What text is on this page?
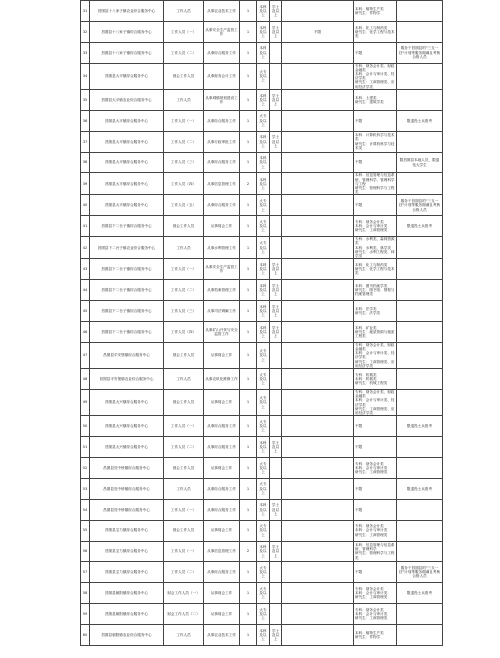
31	昌图县十八家子镇农业综合服务中心	工作人员	从事农业技术工作	1	本科及以上	学士及以上		本科：植物生产类
研究生：作物学	
32	昌图县十八家子镇综合服务中心	工作人员（一）	从事安全生产监管工作	1	本科及以上	学士及以上	不限	本科：化工与制药类
研究生：化学工程与技术类	
33	昌图县十八家子镇综合服务中心	工作人员（二）	从事综合服务工作	1	本科及以上			不限	服务于昌图县的"三支一扶"计划等服务期满且考核合格人员
34	昌图县大平镇综合服务中心	财会工作人员	从事财务会计工作	1	大专及以上			专科：财务会计类、财政金融类
本科：会计与审计类、经济学类
研究生：工商管理类、应用经济学类	
35	昌图县大平镇农业综合服务中心	工作人员	从事城镇规划建设工作	1	本科及以上	学士及以上		本科：土建类
研究生：建筑学类	
36	昌图县大平镇综合服务中心	工作人员（一）	从事综合服务工作	1	大专及以上			不限	限退役士兵报考
37	昌图县大平镇综合服务中心	工作人员（二）	从事行政审批工作	1	本科及以上	学士及以上		本科：计算机科学与技术类
研究生：计算机科学与技术类	
38	昌图县大平镇综合服务中心	工作人员（三）	从事综合服务工作	1	本科及以上			不限	限昌图县本地人员，限退伍大学生
39	昌图县大平镇综合服务中心	工作人员（四）	从事信息管理工作	2	本科及以上			本科：信息管理与信息系统、管理科学、管理科学与工程
研究生：管理科学与工程类	
40	昌图县大平镇综合服务中心	工作人员（五）	从事综合服务工作	1	大专及以上			不限	服务于昌图县的"三支一扶"计划等服务期满且考核合格人员
41	昌图县下二台子镇综合服务中心	财会工作人员	从事财会工作	1	大专及以上			专科：财务会计类
本科：会计与审计类
研究生：工商管理类	限退役士兵报考
42	昌图县下二台子镇农业综合服务中心	工作人员	从事水利管理工作	1	大专及以上			专科：水利类、森林资源类
本科：水利类、林学类
研究生：水利工程类、林学类	
43	昌图县下二台子镇综合服务中心	工作人员（一）	从事安全生产监管工作	1	本科及以上	学士及以上		本科：化工与制药类
研究生：化学工程与技术类	
44	昌图县下二台子镇综合服务中心	工作人员（二）	从事档案管理工作	1	本科及以上	学士及以上		本科：图书档案学类
研究生：图书馆、情报与档案管理类	
45	昌图县下二台子镇综合服务中心	工作人员（三）	从事司法调解工作	1	本科及以上	学士及以上		本科：法学类
研究生：法学类	
46	昌图县下二台子镇综合服务中心	工作人员（四）	从事矿山开采与安全监管工作	1	本科及以上	学士及以上		本科：矿业类
研究生：地质资源与地质工程类	
47	昌图县平安堡镇综合服务中心	财会工作人员	从事财会工作	1	大专及以上			专科：财务会计类、财政金融类
本科：会计与审计类、经济学类
研究生：工商管理类、应用经济学类	
48	昌图县平安堡镇农业综合服务中心	工作人员	从事农机化维修工作	1	大专及以上			专科：机械类
本科：机械类
研究生：机械工程类	
49	昌图县大兴镇综合服务中心	财会工作人员	从事财会工作	1	大专及以上			专科：财务会计类、财政金融类
本科：会计与审计类、经济学类
研究生：工商管理类、应用经济学类	
50	昌图县大兴镇综合服务中心	工作人员（一）	从事综合服务工作	1	大专及以上			不限	限退役士兵报考
51	昌图县大兴镇综合服务中心	工作人员（二）	从事综合服务工作	1	本科及以上	学士及以上		不限	
52	昌图县亮中桥镇综合服务中心	财会工作人员	从事财会工作	1	大专及以上			专科：财务会计类
本科：会计与审计类
研究生：工商管理类	
53	昌图县亮中桥镇综合服务中心	工作人员	从事综合服务工作	1	大专及以上			不限	限退役士兵报考
54	昌图县亮中桥镇综合服务中心	工作人员（一）	从事综合服务工作	1	本科及以上	学士及以上		不限	
55	昌图县宝力镇综合服务中心	财会工作人员	从事财会工作	1	大专及以上			专科：财务会计类
本科：会计与审计类
研究生：工商管理类	
56	昌图县宝力镇综合服务中心	工作人员（一）	从事信息管理工作	2	本科及以上	学士及以上		本科：信息管理与信息系统、管理科学
研究生：管理科学与工程类	
57	昌图县宝力镇综合服务中心	工作人员（二）	从事综合服务工作	1	大专及以上			不限	服务于昌图县的"三支一扶"计划等服务期满且考核合格人员
58	昌图县朝阳镇综合服务中心	财会工作人员（一）	从事财会工作	1	大专及以上			专科：财务会计类
本科：会计与审计类
研究生：工商管理类	限退役士兵报考
59	昌图县朝阳镇综合服务中心	财会工作人员（二）	从事财会工作	1	大专及以上			专科：财务会计类
本科：会计与审计类
研究生：工商管理类	
60	昌图县朝阳镇农业综合服务中心	工作人员	从事农业技术工作	1	本科及以上	学士及以上		本科：植物生产类
研究生：作物学	
